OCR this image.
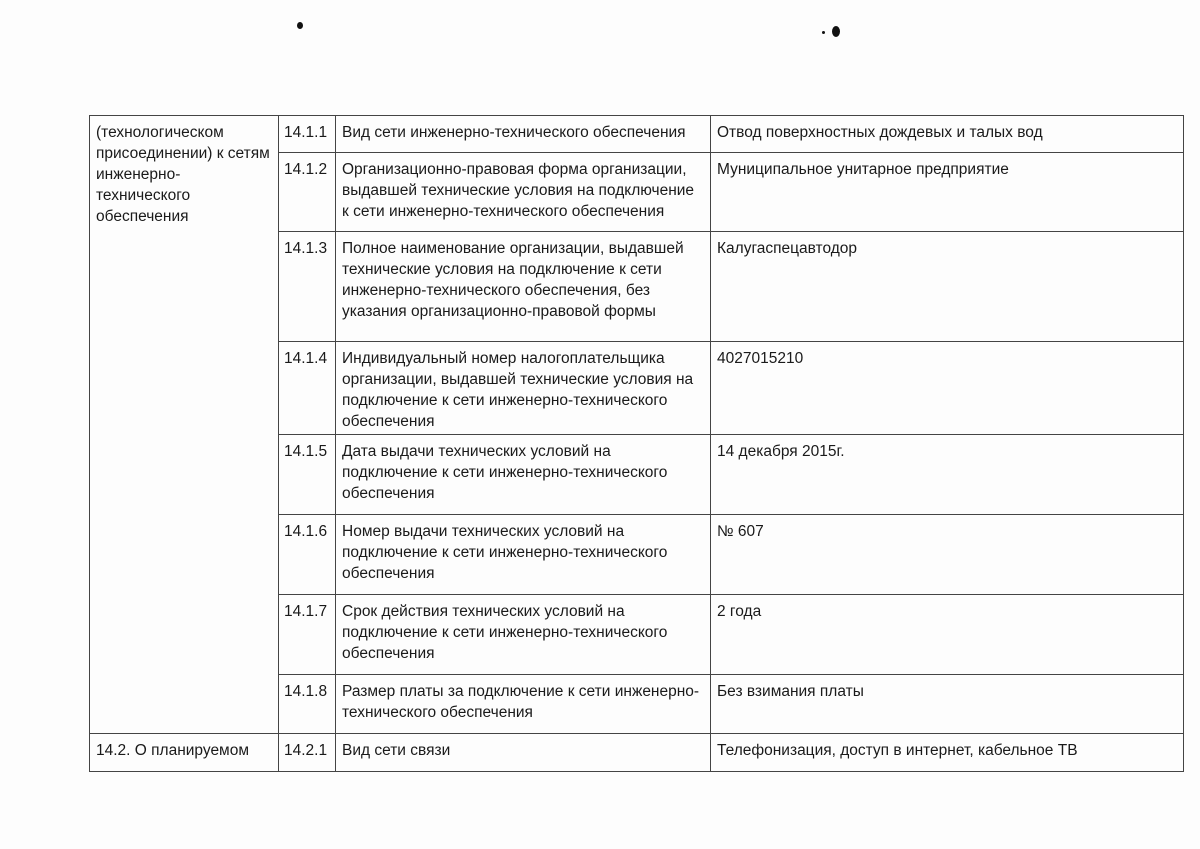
(технологическом присоединении) к сетям инженерно-технического обеспечения	14.1.1	Вид сети инженерно-технического обеспечения	Отвод поверхностных дождевых и талых вод
	14.1.2	Организационно-правовая форма организации, выдавшей технические условия на подключение к сети инженерно-технического обеспечения	Муниципальное унитарное предприятие
	14.1.3	Полное наименование организации, выдавшей технические условия на подключение к сети инженерно-технического обеспечения, без указания организационно-правовой формы	Калугаспецавтодор
	14.1.4	Индивидуальный номер налогоплательщика организации, выдавшей технические условия на подключение к сети инженерно-технического обеспечения	4027015210
	14.1.5	Дата выдачи технических условий на подключение к сети инженерно-технического обеспечения	14 декабря 2015г.
	14.1.6	Номер выдачи технических условий на подключение к сети инженерно-технического обеспечения	№ 607
	14.1.7	Срок действия технических условий на подключение к сети инженерно-технического обеспечения	2 года
	14.1.8	Размер платы за подключение к сети инженерно-технического обеспечения	Без взимания платы
14.2. О планируемом	14.2.1	Вид сети связи	Телефонизация, доступ в интернет, кабельное ТВ
